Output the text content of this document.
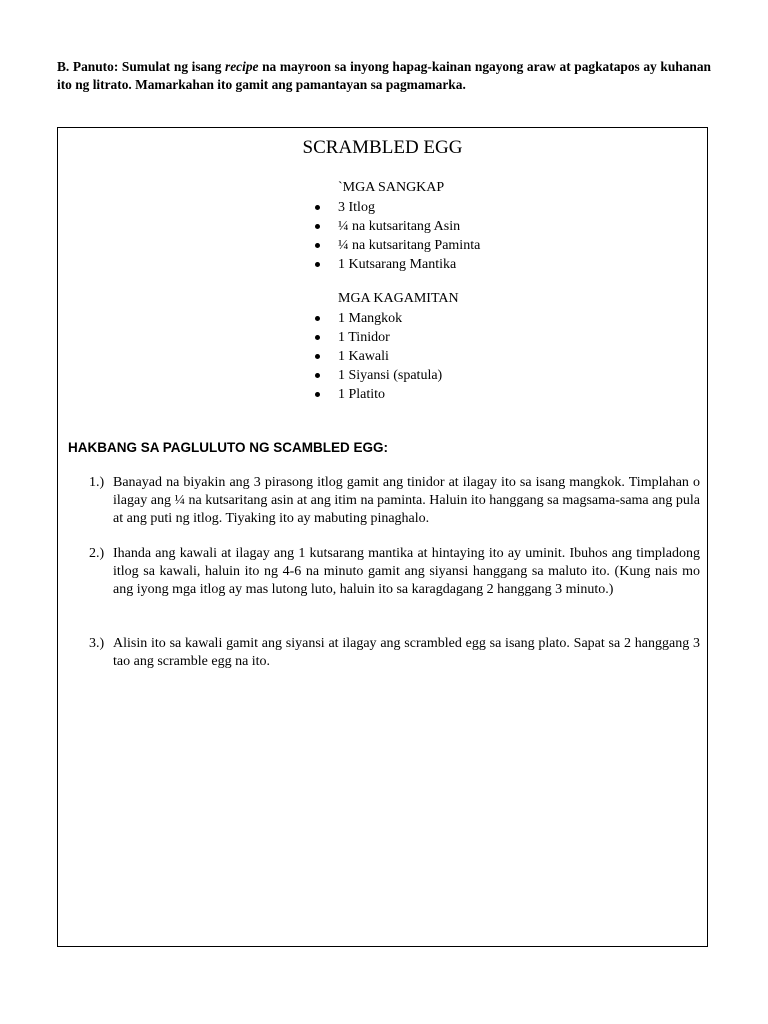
B. Panuto: Sumulat ng isang recipe na mayroon sa inyong hapag-kainan ngayong araw at pagkatapos ay kuhanan ito ng litrato. Mamarkahan ito gamit ang pamantayan sa pagmamarka.
SCRAMBLED EGG
`MGA SANGKAP
3 Itlog
¼ na kutsaritang Asin
¼ na kutsaritang Paminta
1 Kutsarang Mantika
MGA KAGAMITAN
1 Mangkok
1 Tinidor
1 Kawali
1 Siyansi (spatula)
1 Platito
HAKBANG SA PAGLULUTO NG SCAMBLED EGG:
1.) Banayad na biyakin ang 3 pirasong itlog gamit ang tinidor at ilagay ito sa isang mangkok. Timplahan o ilagay ang ¼ na kutsaritang asin at ang itim na paminta. Haluin ito hanggang sa magsama-sama ang pula at ang puti ng itlog. Tiyaking ito ay mabuting pinaghalo.
2.) Ihanda ang kawali at ilagay ang 1 kutsarang mantika at hintaying ito ay uminit. Ibuhos ang timpladong itlog sa kawali, haluin ito ng 4-6 na minuto gamit ang siyansi hanggang sa maluto ito. (Kung nais mo ang iyong mga itlog ay mas lutong luto, haluin ito sa karagdagang 2 hanggang 3 minuto.)
3.) Alisin ito sa kawali gamit ang siyansi at ilagay ang scrambled egg sa isang plato. Sapat sa 2 hanggang 3 tao ang scramble egg na ito.
